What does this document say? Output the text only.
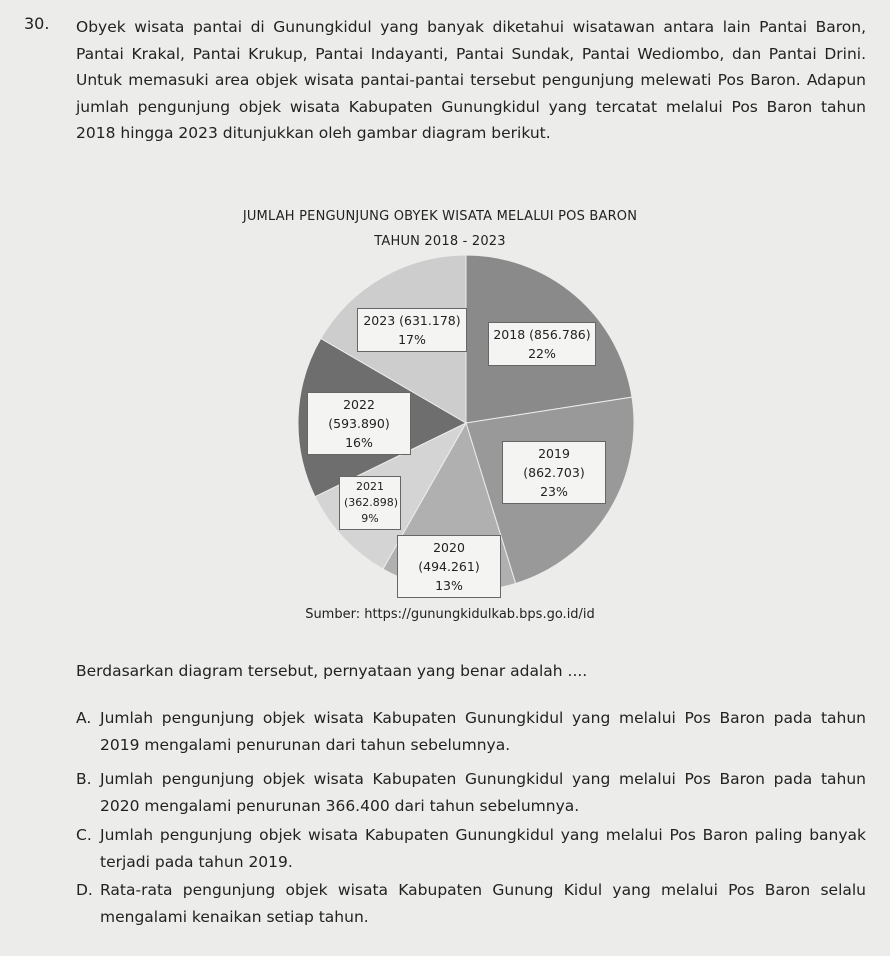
30. Obyek wisata pantai di Gunungkidul yang banyak diketahui wisatawan antara lain Pantai Baron, Pantai Krakal, Pantai Krukup, Pantai Indayanti, Pantai Sundak, Pantai Wediombo, dan Pantai Drini. Untuk memasuki area objek wisata pantai-pantai tersebut pengunjung melewati Pos Baron. Adapun jumlah pengunjung objek wisata Kabupaten Gunungkidul yang tercatat melalui Pos Baron tahun 2018 hingga 2023 ditunjukkan oleh gambar diagram berikut.
JUMLAH PENGUNJUNG OBYEK WISATA MELALUI POS BARON
TAHUN 2018 - 2023
2023 (631.178)
17%	2018 (856.786)
22%
2022 (593.890)
16%
2019 (862.703)
23%
2021
(362.898)
9%
2020 (494.261)
13%
Sumber: https://gunungkidulkab.bps.go.id/id
Berdasarkan diagram tersebut, pernyataan yang benar adalah ....
A. Jumlah pengunjung objek wisata Kabupaten Gunungkidul yang melalui Pos Baron pada tahun 2019 mengalami penurunan dari tahun sebelumnya.
B. Jumlah pengunjung objek wisata Kabupaten Gunungkidul yang melalui Pos Baron pada tahun 2020 mengalami penurunan 366.400 dari tahun sebelumnya.
C. Jumlah pengunjung objek wisata Kabupaten Gunungkidul yang melalui Pos Baron paling banyak terjadi pada tahun 2019.
D. Rata-rata pengunjung objek wisata Kabupaten Gunung Kidul yang melalui Pos Baron selalu mengalami kenaikan setiap tahun.
